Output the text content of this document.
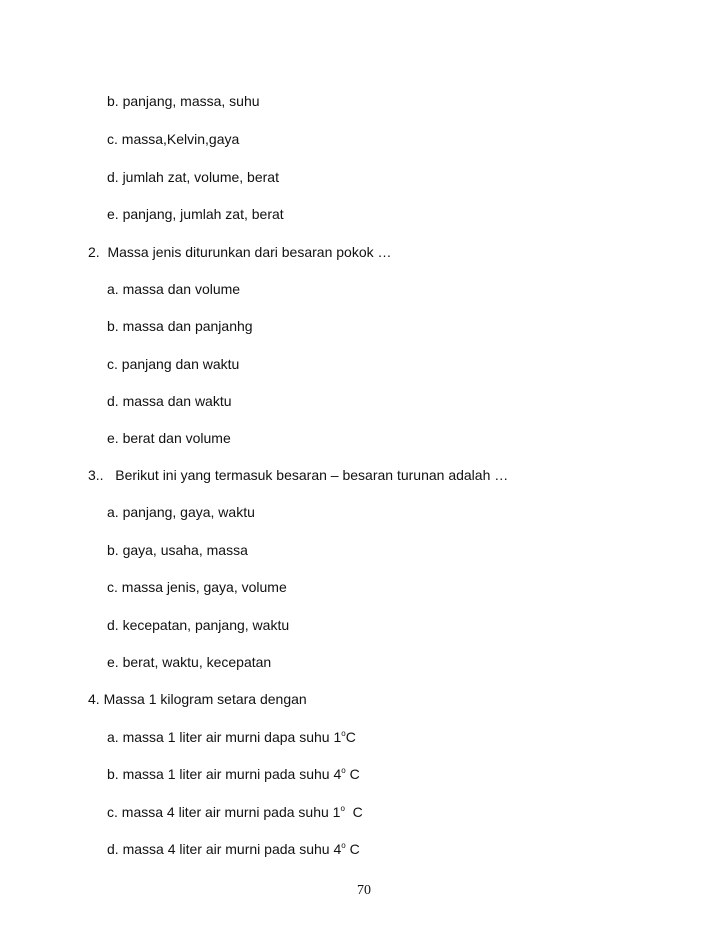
b. panjang, massa, suhu
c. massa,Kelvin,gaya
d. jumlah zat, volume, berat
e. panjang, jumlah zat, berat
2.  Massa jenis diturunkan dari besaran pokok …
a. massa dan volume
b. massa dan panjanhg
c. panjang dan waktu
d. massa dan waktu
e. berat dan volume
3..   Berikut ini yang termasuk besaran – besaran turunan adalah …
a. panjang, gaya, waktu
b. gaya, usaha, massa
c. massa jenis, gaya, volume
d. kecepatan, panjang, waktu
e. berat, waktu, kecepatan
4. Massa 1 kilogram setara dengan
a. massa 1 liter air murni dapa suhu 1$^o$C
b. massa 1 liter air murni pada suhu 4$^o$ C
c. massa 4 liter air murni pada suhu 1$^o$  C
d. massa 4 liter air murni pada suhu 4$^o$ C
70
